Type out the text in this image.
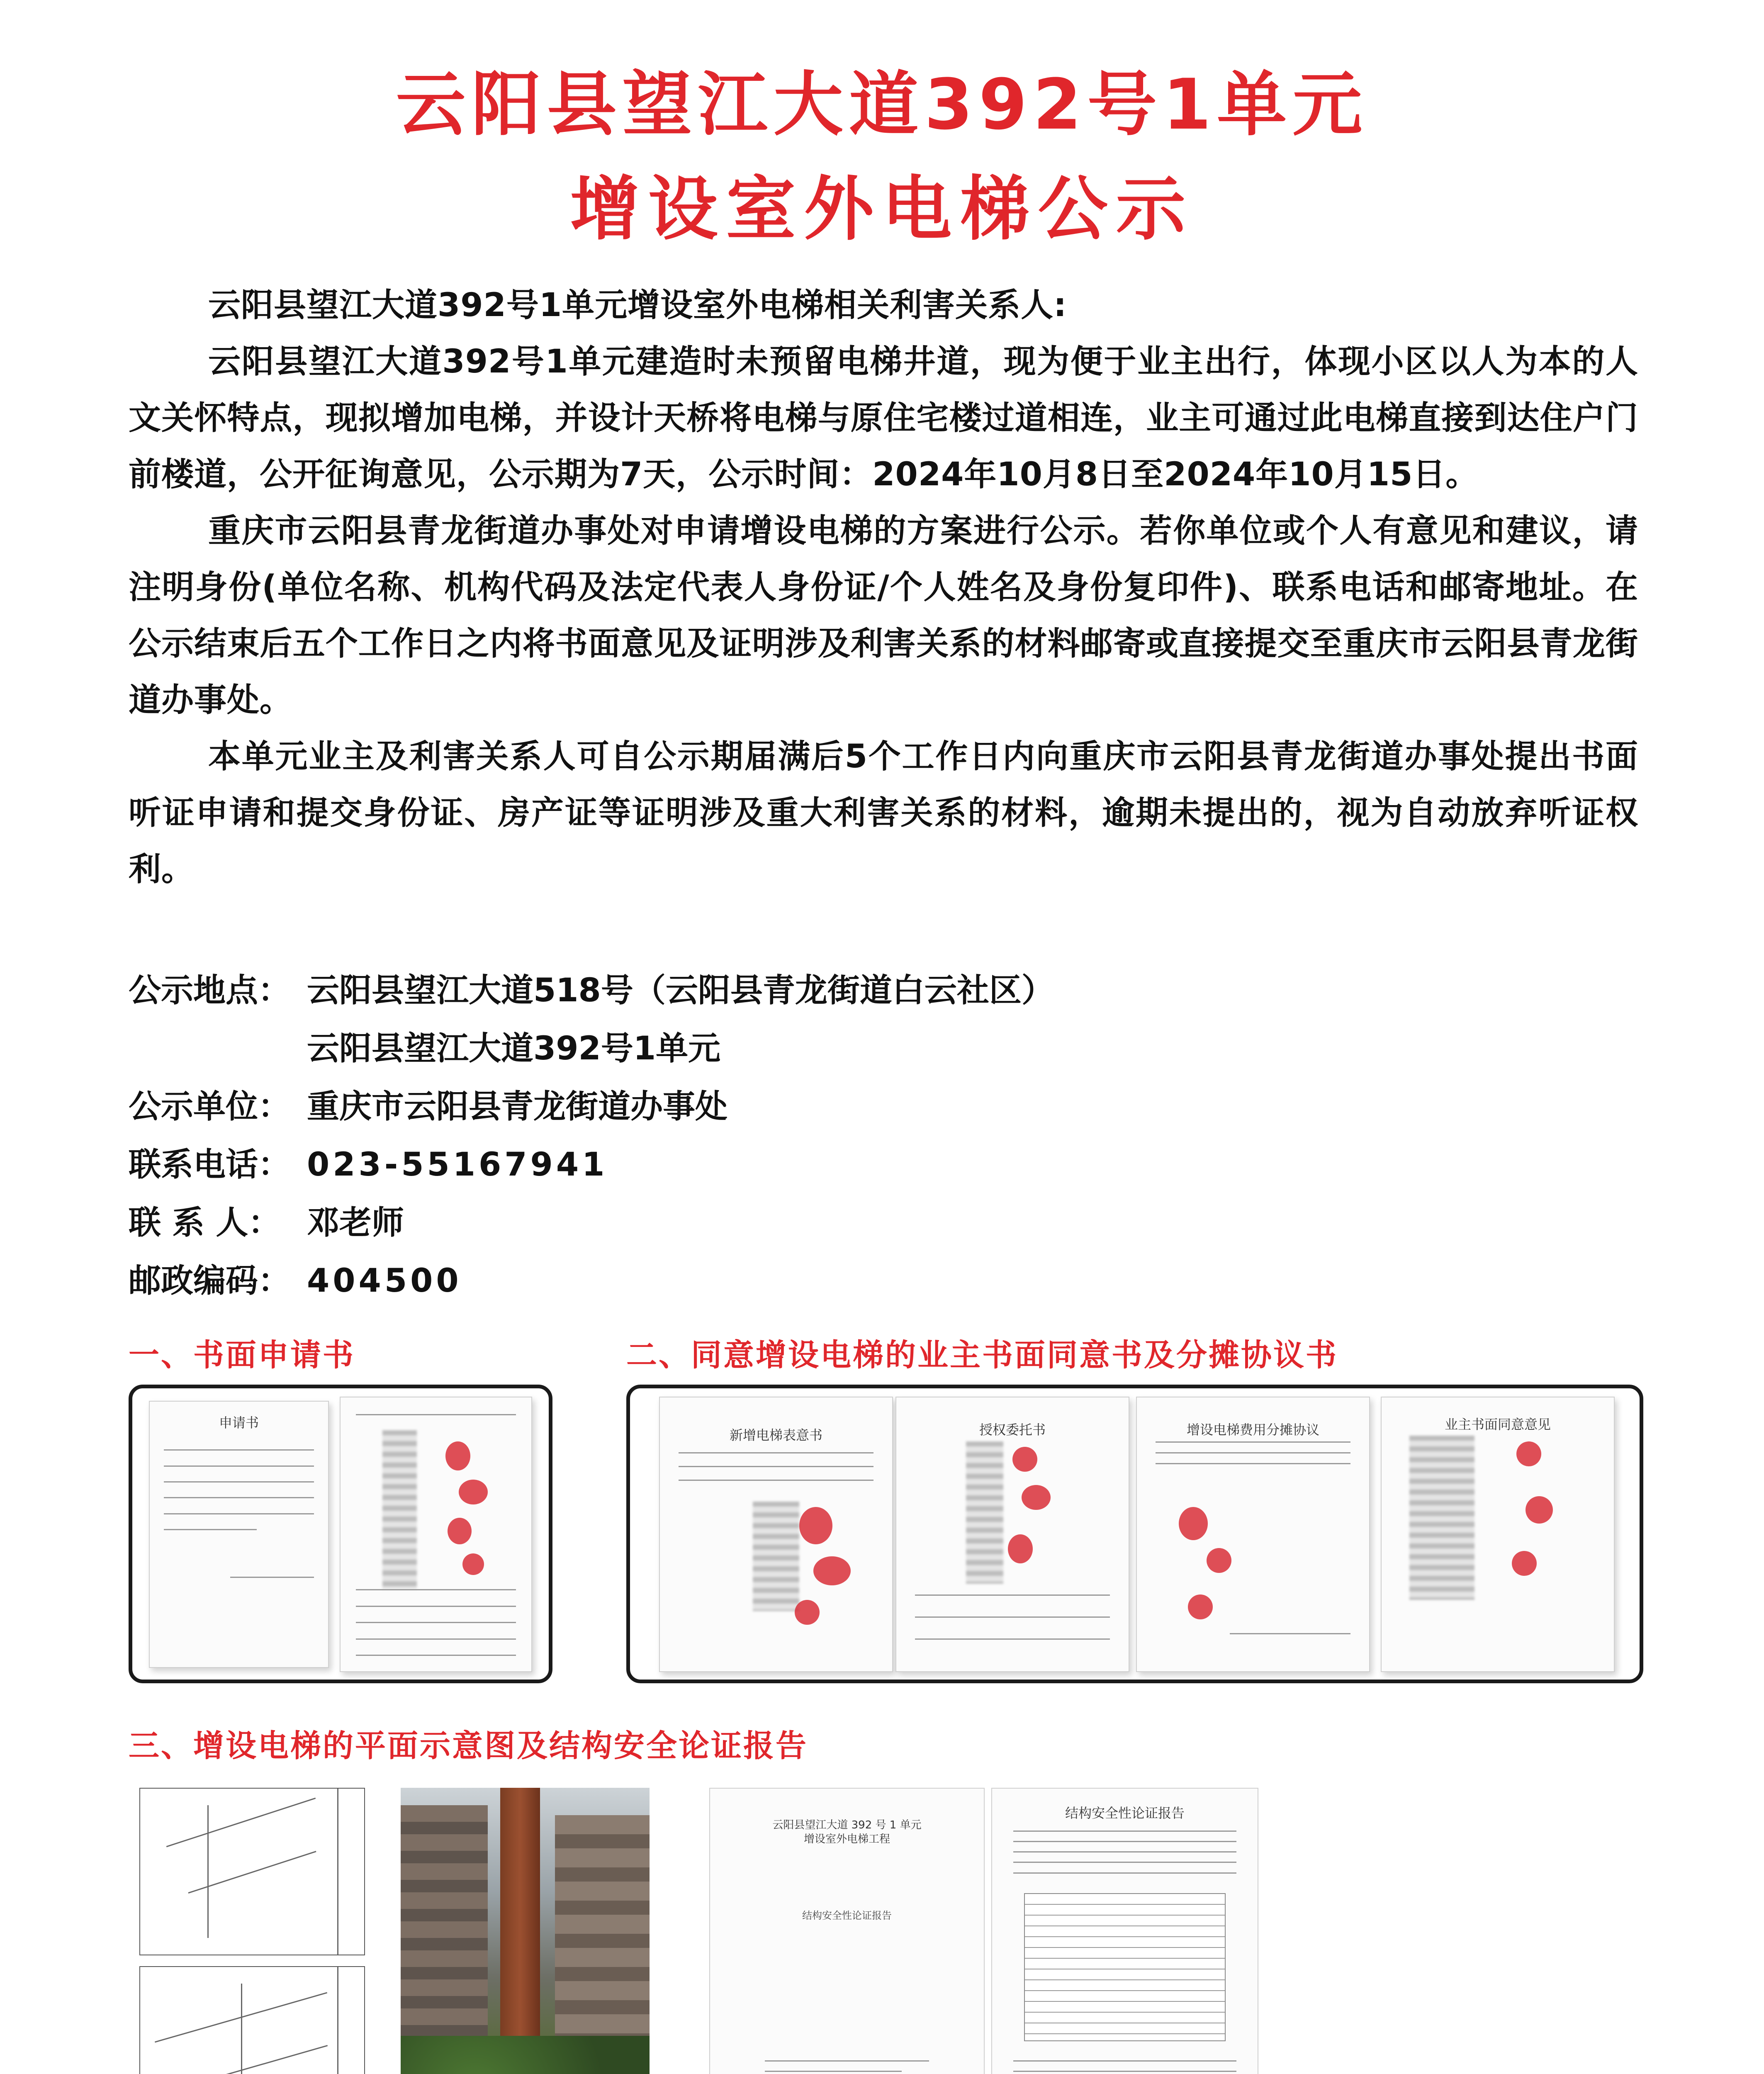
云阳县望江大道392号1单元
增设室外电梯公示

云阳县望江大道392号1单元增设室外电梯相关利害关系人:

云阳县望江大道392号1单元建造时未预留电梯井道，现为便于业主出行，体现小区以人为本的人文关怀特点，现拟增加电梯，并设计天桥将电梯与原住宅楼过道相连，业主可通过此电梯直接到达住户门前楼道，公开征询意见，公示期为7天，公示时间：2024年10月8日至2024年10月15日。

重庆市云阳县青龙街道办事处对申请增设电梯的方案进行公示。若你单位或个人有意见和建议，请注明身份(单位名称、机构代码及法定代表人身份证/个人姓名及身份复印件)、联系电话和邮寄地址。在公示结束后五个工作日之内将书面意见及证明涉及利害关系的材料邮寄或直接提交至重庆市云阳县青龙街道办事处。

本单元业主及利害关系人可自公示期届满后5个工作日内向重庆市云阳县青龙街道办事处提出书面听证申请和提交身份证、房产证等证明涉及重大利害关系的材料，逾期未提出的，视为自动放弃听证权利。

公示地点： 云阳县望江大道518号（云阳县青龙街道白云社区）
云阳县望江大道392号1单元
公示单位： 重庆市云阳县青龙街道办事处
联系电话： 023-55167941
联 系 人： 邓老师
邮政编码： 404500
一、书面申请书
申请书
二、同意增设电梯的业主书面同意书及分摊协议书
新增电梯表意书	授权委托书	增设电梯费用分摊协议	业主书面同意意见
三、增设电梯的平面示意图及结构安全论证报告
云阳县望江大道 392 号 1 单元
增设室外电梯工程
结构安全性论证报告
结构安全性论证报告
